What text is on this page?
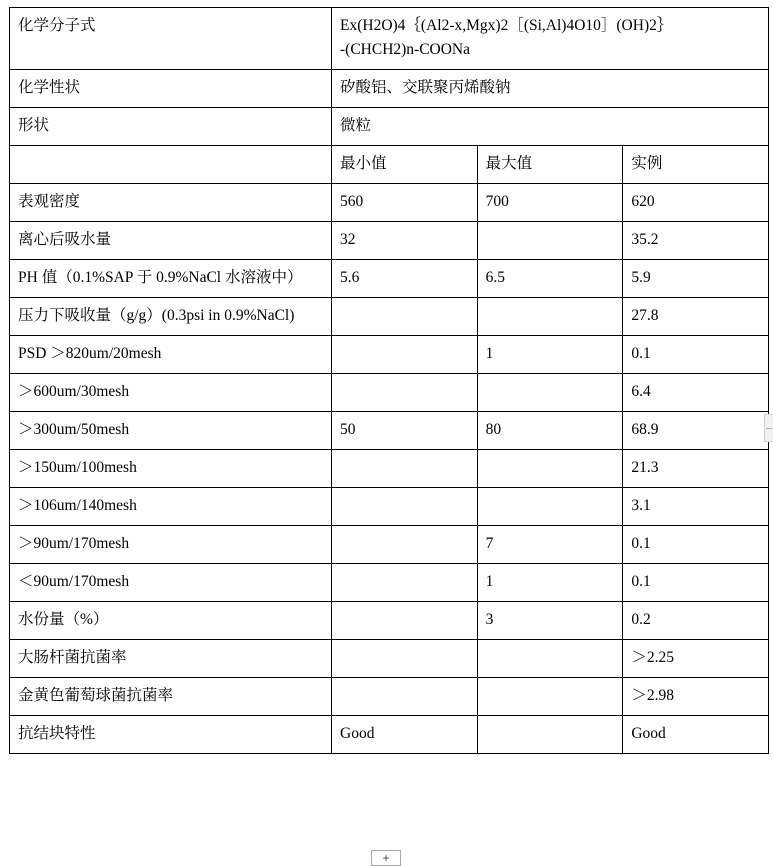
化学分子式	Ex(H2O)4｛(Al2-x,Mgx)2［(Si,Al)4O10］(OH)2｝
-(CHCH2)n-COONa		

化学性状	矽酸铝、交联聚丙烯酸钠		
形状	微粒		
	最小值	最大值	实例
表观密度	560	700	620
离心后吸水量	32		35.2
PH 值（0.1%SAP 于 0.9%NaCl 水溶液中）	5.6	6.5	5.9
压力下吸收量（g/g）(0.3psi in 0.9%NaCl)			27.8
PSD ＞820um/20mesh		1	0.1
＞600um/30mesh			6.4
＞300um/50mesh	50	80	68.9
＞150um/100mesh			21.3
＞106um/140mesh			3.1
＞90um/170mesh		7	0.1
＜90um/170mesh		1	0.1
水份量（%）		3	0.2
大肠杆菌抗菌率			＞2.25
金黄色葡萄球菌抗菌率			＞2.98
抗结块特性	Good		Good
+
